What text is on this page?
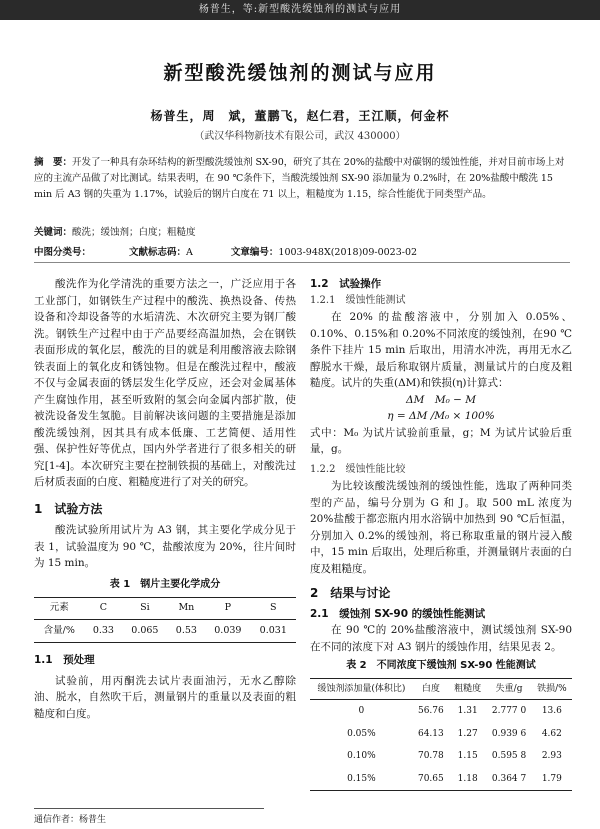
杨普生，等:新型酸洗缓蚀剂的测试与应用
新型酸洗缓蚀剂的测试与应用
杨普生，周　斌，董鹏飞，赵仁君，王江顺，何金杯
（武汉华科物新技术有限公司，武汉 430000）
摘　要：开发了一种具有杂环结构的新型酸洗缓蚀剂 SX-90，研究了其在 20%的盐酸中对碳钢的缓蚀性能，并对目前市场上对应的主流产品做了对比测试。结果表明，在 90 ℃条件下，当酸洗缓蚀剂 SX-90 添加量为 0.2%时，在 20%盐酸中酸洗 15 min 后 A3 钢的失重为 1.17%，试验后的钢片白度在 71 以上，粗糙度为 1.15，综合性能优于同类型产品。
关键词：酸洗；缓蚀剂；白度；粗糙度
中图分类号：	文献标志码：A	文章编号：1003-948X(2018)09-0023-02

酸洗作为化学清洗的重要方法之一，广泛应用于各工业部门，如钢铁生产过程中的酸洗、换热设备、传热设备和冷却设备等的水垢清洗、木次研究主要为钢厂酸洗。钢铁生产过程中由于产品要经高温加热，会在钢铁表面形成的氧化层，酸洗的目的就是利用酸溶液去除钢铁表面上的氧化皮和锈蚀物。但是在酸洗过程中，酸液不仅与金属表面的锈层发生化学反应，还会对金属基体产生腐蚀作用，甚至听致附的氢会向金属内部扩散，使被洗设备发生氢脆。目前解决该问题的主要措施是添加酸洗缓蚀剂，因其具有成本低廉、工艺简便、适用性强、保护性好等优点，国内外学者进行了很多相关的研究[1-4]。本次研究主要在控制铁损的基础上，对酸洗过后材质表面的白度、粗糙度进行了对关的研究。

1　试验方法

酸洗试验所用试片为 A3 钢，其主要化学成分见于表 1，试验温度为 90 ℃，盐酸浓度为 20%，往片间时为 15 min。

表 1　钢片主要化学成分
元素	C	Si	Mn	P	S
含量/%	0.33	0.065	0.53	0.039	0.031
1.1　预处理

试验前，用丙酮洗去试片表面油污，无水乙醇除油、脱水，自然吹干后，测量钢片的重量以及表面的粗糙度和白度。

1.2　试验操作
1.2.1　缓蚀性能测试

在 20% 的盐酸溶液中，分别加入 0.05%、0.10%、0.15%和 0.20%不同浓度的缓蚀剂，在90 ℃条件下挂片 15 min 后取出，用清水冲洗，再用无水乙醇脱水干燥，最后称取钢片质量，测量试片的白度及粗糙度。试片的失重(ΔM)和铁损(η)计算式：

ΔM　M₀ − M
η = ΔM /M₀ × 100%
式中：M₀ 为试片试验前重量，g；M 为试片试验后重量，g。
1.2.2　缓蚀性能比较

为比较该酸洗缓蚀剂的缓蚀性能，选取了两种同类型的产品，编号分别为 G 和 J。取 500 mL 浓度为 20%盐酸于都恋瓶内用水浴锅中加热到 90 ℃后恒温，分别加入 0.2%的缓蚀剂，将已称取重量的钢片浸入酸中，15 min 后取出，处理后称重，并测量钢片表面的白度及粗糙度。

2　结果与讨论
2.1　缓蚀剂 SX-90 的缓蚀性能测试

在 90 ℃的 20%盐酸溶液中，测试缓蚀剂 SX-90 在不同的浓度下对 A3 钢片的缓蚀作用，结果见表 2。

表 2　不同浓度下缓蚀剂 SX-90 性能测试
缓蚀剂添加量(体积比)	白度	粗糙度	失重/g	铁损/%
0	56.76	1.31	2.777 0	13.6
0.05%	64.13	1.27	0.939 6	4.62
0.10%	70.78	1.15	0.595 8	2.93
0.15%	70.65	1.18	0.364 7	1.79
通信作者：杨普生
